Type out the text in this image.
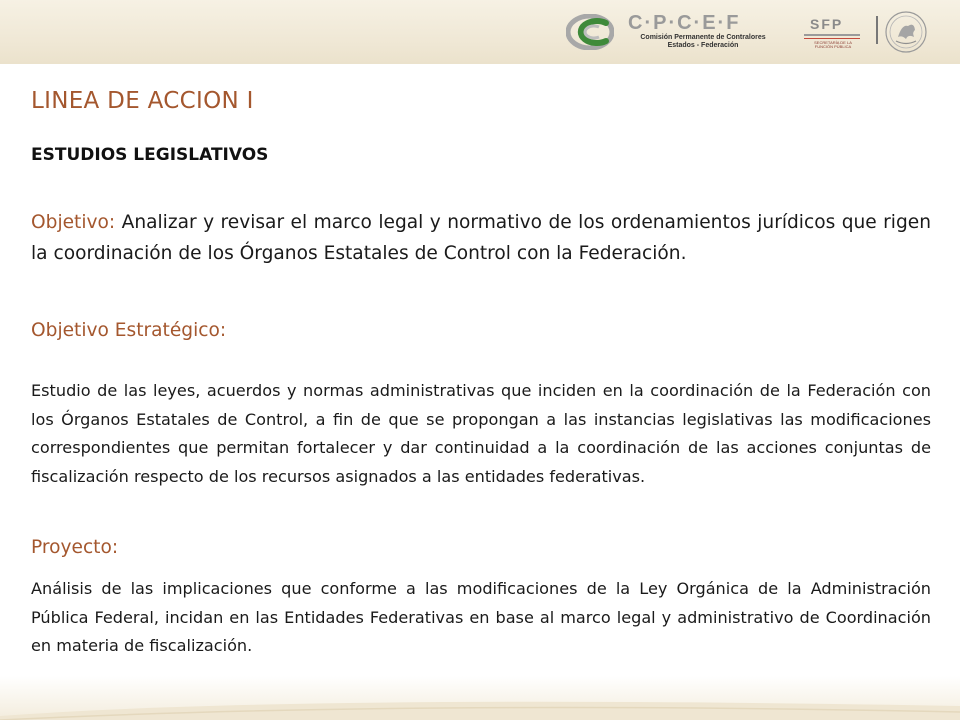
C·P·C·E·F
Comisión Permanente de Contralores
Estados - Federación
SFP
SECRETARÍA DE LA FUNCIÓN PÚBLICA
LINEA DE ACCION I
ESTUDIOS LEGISLATIVOS

Objetivo: Analizar y revisar el marco legal y normativo de los ordenamientos jurídicos que rigen la coordinación de los Órganos Estatales de Control con la Federación.

Objetivo Estratégico:

Estudio de las leyes, acuerdos y normas administrativas que inciden en la coordinación de la Federación con los Órganos Estatales de Control, a fin de que se propongan a las instancias legislativas las modificaciones correspondientes que permitan fortalecer y dar continuidad a la coordinación de las acciones conjuntas de fiscalización respecto de los recursos asignados a las entidades federativas.

Proyecto:

Análisis de las implicaciones que conforme a las modificaciones de la Ley Orgánica de la Administración Pública Federal, incidan en las Entidades Federativas en base al marco legal y administrativo de Coordinación en materia de fiscalización.
